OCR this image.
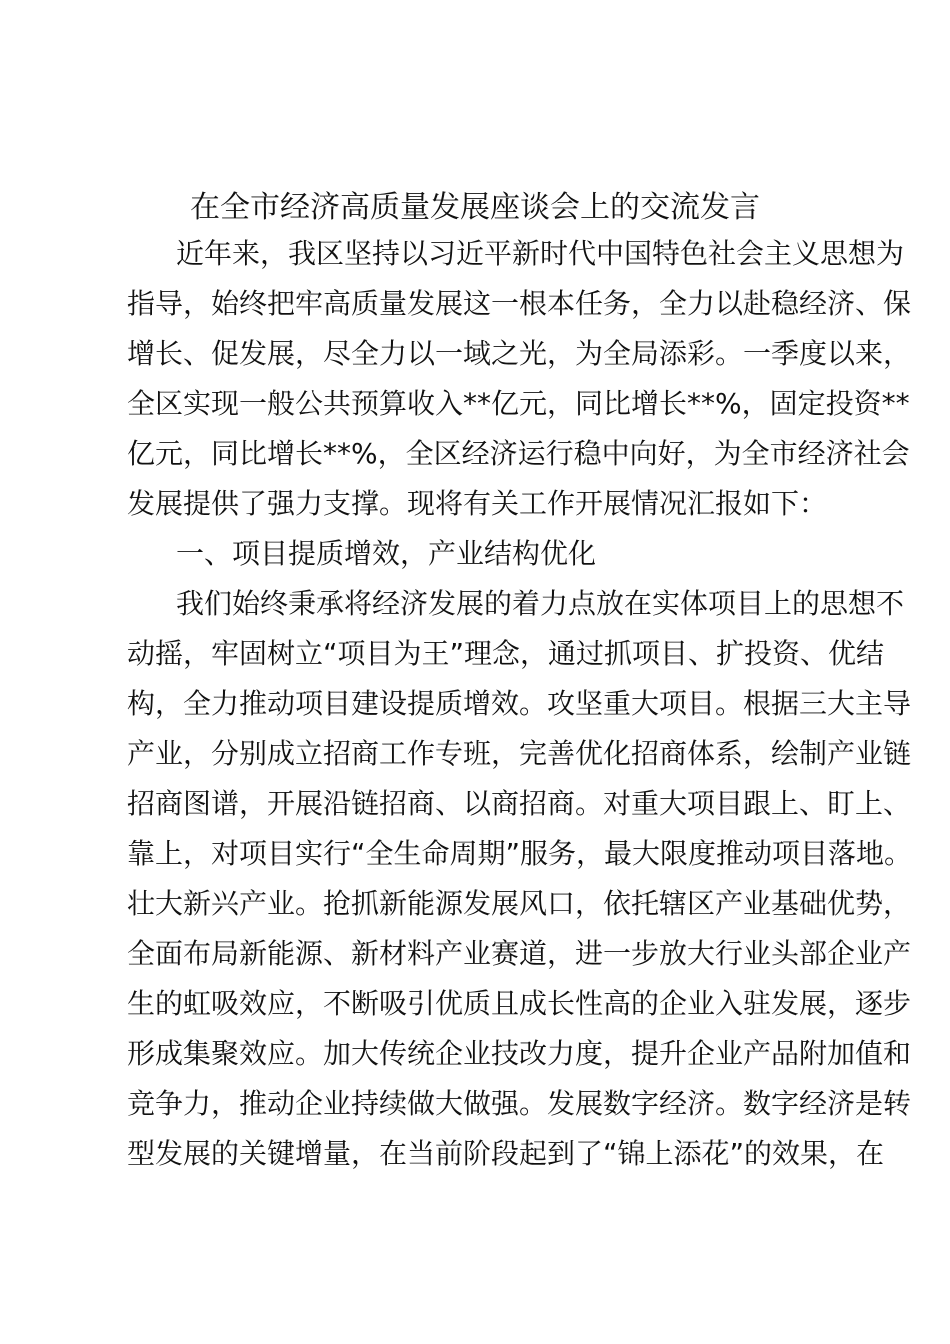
在全市经济高质量发展座谈会上的交流发言

近年来，我区坚持以习近平新时代中国特色社会主义思想为

指导，始终把牢高质量发展这一根本任务，全力以赴稳经济、保

增长、促发展，尽全力以一域之光，为全局添彩。一季度以来，

全区实现一般公共预算收入**亿元，同比增长**%，固定投资**

亿元，同比增长**%，全区经济运行稳中向好，为全市经济社会

发展提供了强力支撑。现将有关工作开展情况汇报如下：

一、项目提质增效，产业结构优化

我们始终秉承将经济发展的着力点放在实体项目上的思想不

动摇，牢固树立“项目为王”理念，通过抓项目、扩投资、优结

构，全力推动项目建设提质增效。攻坚重大项目。根据三大主导

产业，分别成立招商工作专班，完善优化招商体系，绘制产业链

招商图谱，开展沿链招商、以商招商。对重大项目跟上、盯上、

靠上，对项目实行“全生命周期”服务，最大限度推动项目落地。

壮大新兴产业。抢抓新能源发展风口，依托辖区产业基础优势，

全面布局新能源、新材料产业赛道，进一步放大行业头部企业产

生的虹吸效应，不断吸引优质且成长性高的企业入驻发展，逐步

形成集聚效应。加大传统企业技改力度，提升企业产品附加值和

竞争力，推动企业持续做大做强。发展数字经济。数字经济是转

型发展的关键增量，在当前阶段起到了“锦上添花”的效果，在
